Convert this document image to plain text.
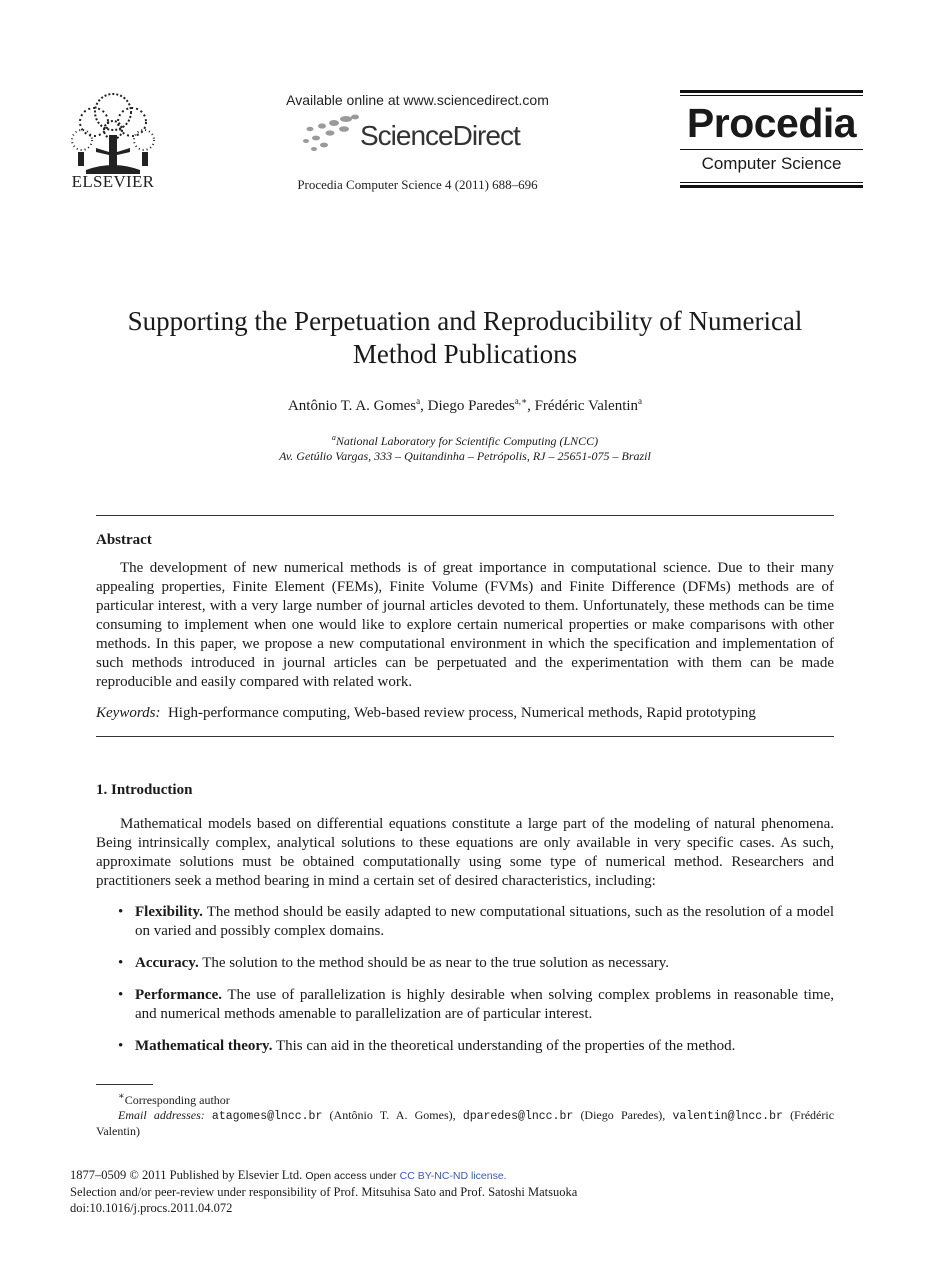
ELSEVIER
Available online at www.sciencedirect.com
ScienceDirect
Procedia Computer Science 4 (2011) 688–696
Procedia
Computer Science
Supporting the Perpetuation and Reproducibility of Numerical
Method Publications
Antônio T. A. Gomes$^a$, Diego Paredes$^{a,∗}$, Frédéric Valentin$^a$
$^a$National Laboratory for Scientific Computing (LNCC)
Av. Getúlio Vargas, 333 – Quitandinha – Petrópolis, RJ – 25651-075 – Brazil
Abstract
The development of new numerical methods is of great importance in computational science. Due to their many appealing properties, Finite Element (FEMs), Finite Volume (FVMs) and Finite Difference (DFMs) methods are of particular interest, with a very large number of journal articles devoted to them. Unfortunately, these methods can be time consuming to implement when one would like to explore certain numerical properties or make comparisons with other methods. In this paper, we propose a new computational environment in which the specification and implementation of such methods introduced in journal articles can be perpetuated and the experimentation with them can be made reproducible and easily compared with related work.
Keywords: High-performance computing, Web-based review process, Numerical methods, Rapid prototyping
1. Introduction
Mathematical models based on differential equations constitute a large part of the modeling of natural phenomena. Being intrinsically complex, analytical solutions to these equations are only available in very specific cases. As such, approximate solutions must be obtained computationally using some type of numerical method. Researchers and practitioners seek a method bearing in mind a certain set of desired characteristics, including:
• Flexibility. The method should be easily adapted to new computational situations, such as the resolution of a model on varied and possibly complex domains.
• Accuracy. The solution to the method should be as near to the true solution as necessary.
• Performance. The use of parallelization is highly desirable when solving complex problems in reasonable time, and numerical methods amenable to parallelization are of particular interest.
• Mathematical theory. This can aid in the theoretical understanding of the properties of the method.
∗Corresponding author
Email addresses: atagomes@lncc.br (Antônio T. A. Gomes), dparedes@lncc.br (Diego Paredes), valentin@lncc.br (Frédéric Valentin)
1877–0509 © 2011 Published by Elsevier Ltd. Open access under CC BY-NC-ND license.
Selection and/or peer-review under responsibility of Prof. Mitsuhisa Sato and Prof. Satoshi Matsuoka
doi:10.1016/j.procs.2011.04.072
